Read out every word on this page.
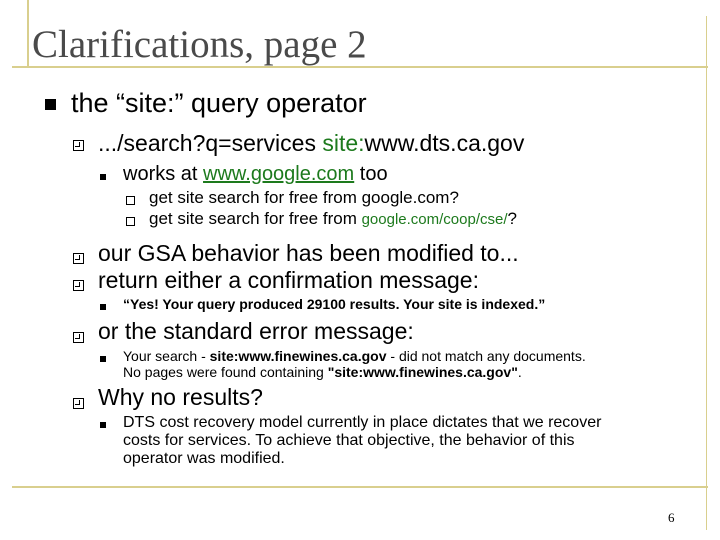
Clarifications, page 2
the “site:” query operator
.../search?q=services site:www.dts.ca.gov
works at www.google.com too
get site search for free from google.com?
get site search for free from google.com/coop/cse/?
our GSA behavior has been modified to...
return either a confirmation message:
“Yes! Your query produced 29100 results. Your site is indexed.”
or the standard error message:
Your search - site:www.finewines.ca.gov - did not match any documents.
No pages were found containing "site:www.finewines.ca.gov".
Why no results?
DTS cost recovery model currently in place dictates that we recover
costs for services. To achieve that objective, the behavior of this
operator was modified.
6
